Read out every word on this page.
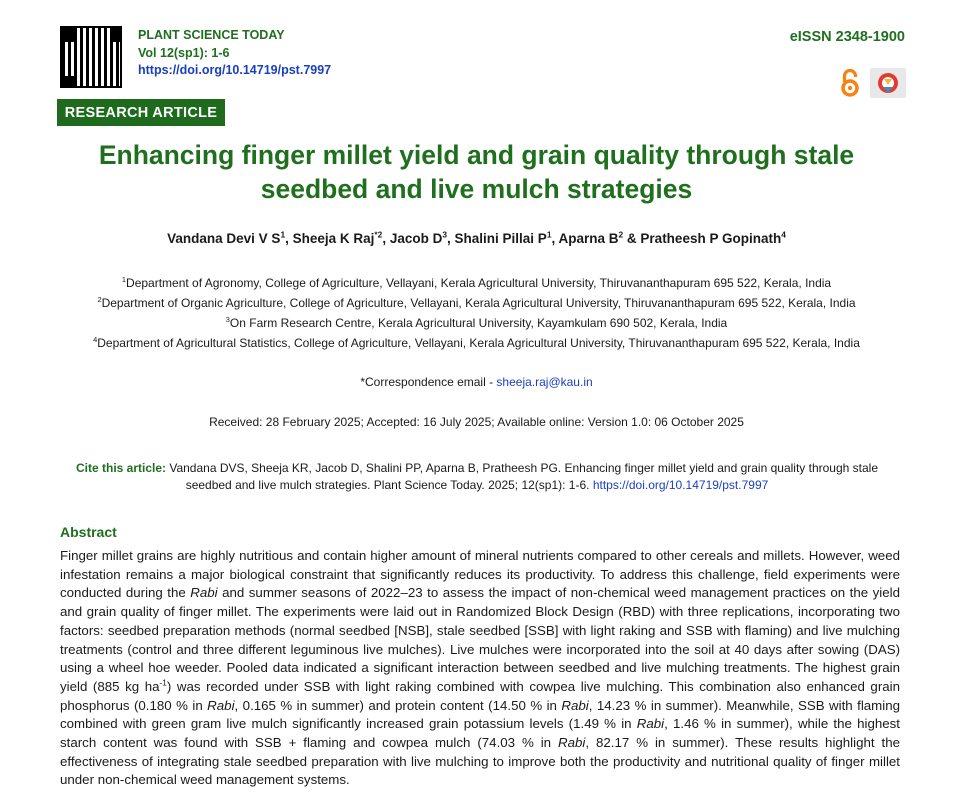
PLANT SCIENCE TODAY
Vol 12(sp1): 1-6
https://doi.org/10.14719/pst.7997
eISSN 2348-1900
RESEARCH ARTICLE
Enhancing finger millet yield and grain quality through stale
seedbed and live mulch strategies
Vandana Devi V $S^1$, Sheeja K Raj$^{*2}$, Jacob $D^3$, Shalini Pillai $P^1$, Aparna $B^2$ & Pratheesh P Gopinath$^4$
$^1$Department of Agronomy, College of Agriculture, Vellayani, Kerala Agricultural University, Thiruvananthapuram 695 522, Kerala, India
$^2$Department of Organic Agriculture, College of Agriculture, Vellayani, Kerala Agricultural University, Thiruvananthapuram 695 522, Kerala, India
$^3$On Farm Research Centre, Kerala Agricultural University, Kayamkulam 690 502, Kerala, India
$^4$Department of Agricultural Statistics, College of Agriculture, Vellayani, Kerala Agricultural University, Thiruvananthapuram 695 522, Kerala, India
*Correspondence email - sheeja.raj@kau.in
Received: 28 February 2025; Accepted: 16 July 2025; Available online: Version 1.0: 06 October 2025
Cite this article: Vandana DVS, Sheeja KR, Jacob D, Shalini PP, Aparna B, Pratheesh PG. Enhancing finger millet yield and grain quality through stale seedbed and live mulch strategies. Plant Science Today. 2025; 12(sp1): 1-6. https://doi.org/10.14719/pst.7997
Abstract

Finger millet grains are highly nutritious and contain higher amount of mineral nutrients compared to other cereals and millets. However, weed infestation remains a major biological constraint that significantly reduces its productivity. To address this challenge, field experiments were conducted during the Rabi and summer seasons of 2022–23 to assess the impact of non-chemical weed management practices on the yield and grain quality of finger millet. The experiments were laid out in Randomized Block Design (RBD) with three replications, incorporating two factors: seedbed preparation methods (normal seedbed [NSB], stale seedbed [SSB] with light raking and SSB with flaming) and live mulching treatments (control and three different leguminous live mulches). Live mulches were incorporated into the soil at 40 days after sowing (DAS) using a wheel hoe weeder. Pooled data indicated a significant interaction between seedbed and live mulching treatments. The highest grain yield (885 kg $ha^{-1}$) was recorded under SSB with light raking combined with cowpea live mulching. This combination also enhanced grain phosphorus (0.180 % in Rabi, 0.165 % in summer) and protein content (14.50 % in Rabi, 14.23 % in summer). Meanwhile, SSB with flaming combined with green gram live mulch significantly increased grain potassium levels (1.49 % in Rabi, 1.46 % in summer), while the highest starch content was found with SSB + flaming and cowpea mulch (74.03 % in Rabi, 82.17 % in summer). These results highlight the effectiveness of integrating stale seedbed preparation with live mulching to improve both the productivity and nutritional quality of finger millet under non-chemical weed management systems.
